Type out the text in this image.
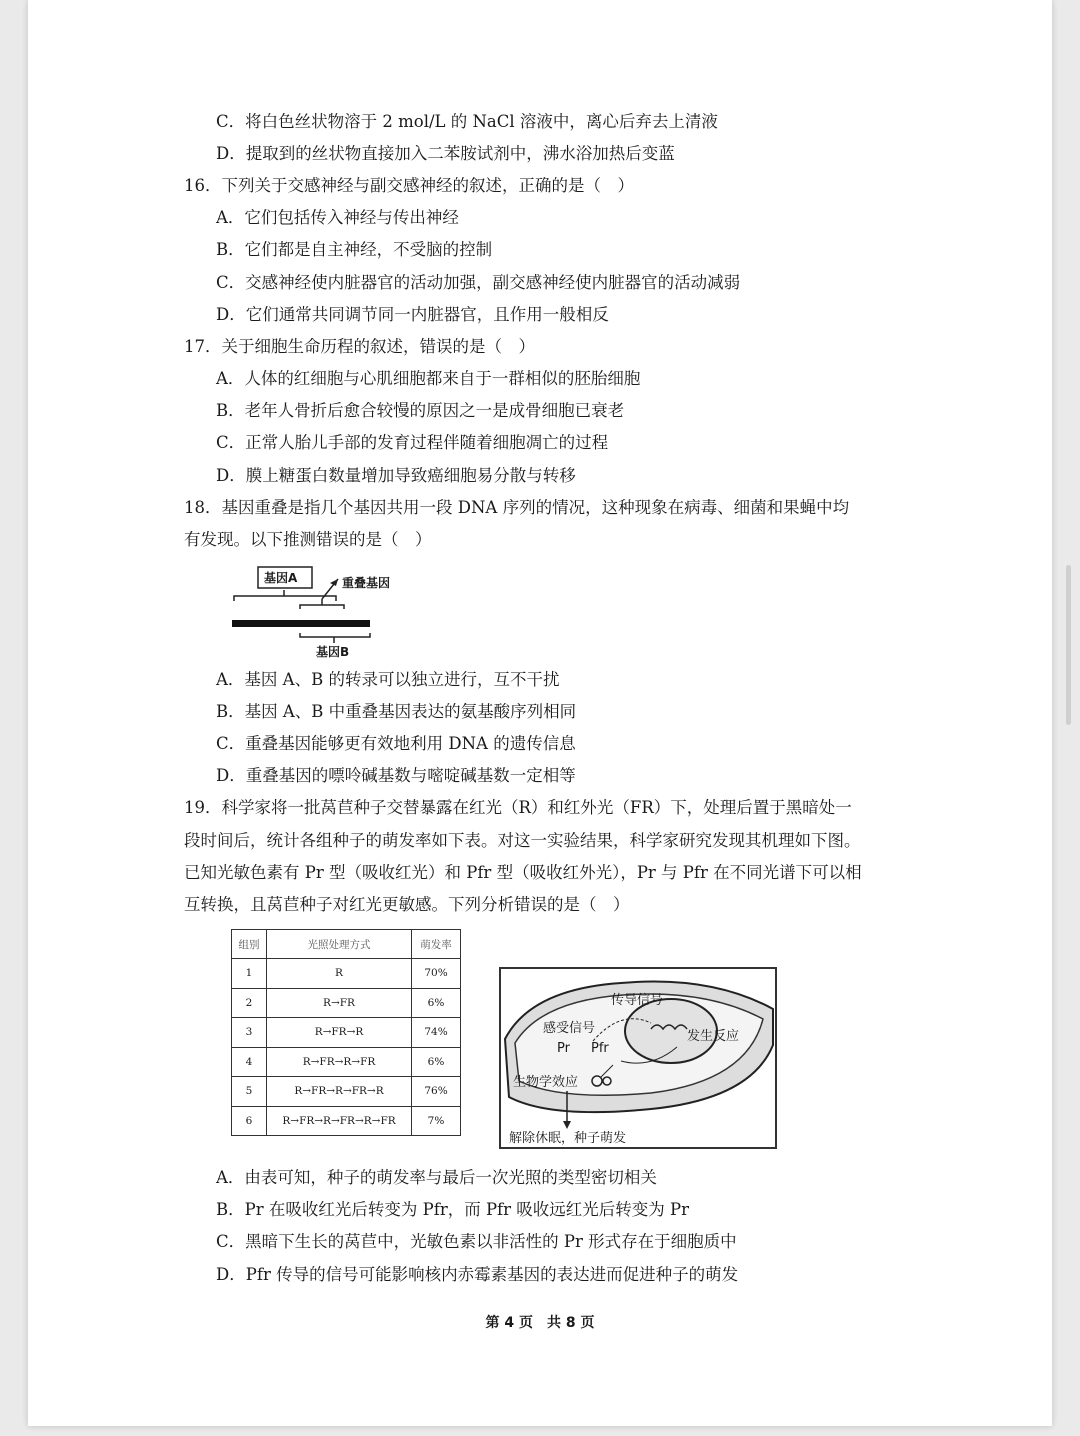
C．将白色丝状物溶于 2 mol/L 的 NaCl 溶液中，离心后弃去上清液
D．提取到的丝状物直接加入二苯胺试剂中，沸水浴加热后变蓝
16．下列关于交感神经与副交感神经的叙述，正确的是（　）
A．它们包括传入神经与传出神经
B．它们都是自主神经，不受脑的控制
C．交感神经使内脏器官的活动加强，副交感神经使内脏器官的活动减弱
D．它们通常共同调节同一内脏器官，且作用一般相反
17．关于细胞生命历程的叙述，错误的是（　）
A．人体的红细胞与心肌细胞都来自于一群相似的胚胎细胞
B．老年人骨折后愈合较慢的原因之一是成骨细胞已衰老
C．正常人胎儿手部的发育过程伴随着细胞凋亡的过程
D．膜上糖蛋白数量增加导致癌细胞易分散与转移
18．基因重叠是指几个基因共用一段 DNA 序列的情况，这种现象在病毒、细菌和果蝇中均
有发现。以下推测错误的是（　）
基因A	重叠基因
基因B
A．基因 A、B 的转录可以独立进行，互不干扰
B．基因 A、B 中重叠基因表达的氨基酸序列相同
C．重叠基因能够更有效地利用 DNA 的遗传信息
D．重叠基因的嘌呤碱基数与嘧啶碱基数一定相等
19．科学家将一批莴苣种子交替暴露在红光（R）和红外光（FR）下，处理后置于黑暗处一
段时间后，统计各组种子的萌发率如下表。对这一实验结果，科学家研究发现其机理如下图。
已知光敏色素有 Pr 型（吸收红光）和 Pfr 型（吸收红外光），Pr 与 Pfr 在不同光谱下可以相
互转换，且莴苣种子对红光更敏感。下列分析错误的是（　）
组别	光照处理方式	萌发率
1	R	70%
2	R→FR	6%
3	R→FR→R	74%
4	R→FR→R→FR	6%
5	R→FR→R→FR→R	76%
6	R→FR→R→FR→R→FR	7%
传导信号
感受信号
Pr Pfr
发生反应
生物学效应
解除休眠，种子萌发
A．由表可知，种子的萌发率与最后一次光照的类型密切相关
B．Pr 在吸收红光后转变为 Pfr，而 Pfr 吸收远红光后转变为 Pr
C．黑暗下生长的莴苣中，光敏色素以非活性的 Pr 形式存在于细胞质中
D．Pfr 传导的信号可能影响核内赤霉素基因的表达进而促进种子的萌发
第 4 页　共 8 页
